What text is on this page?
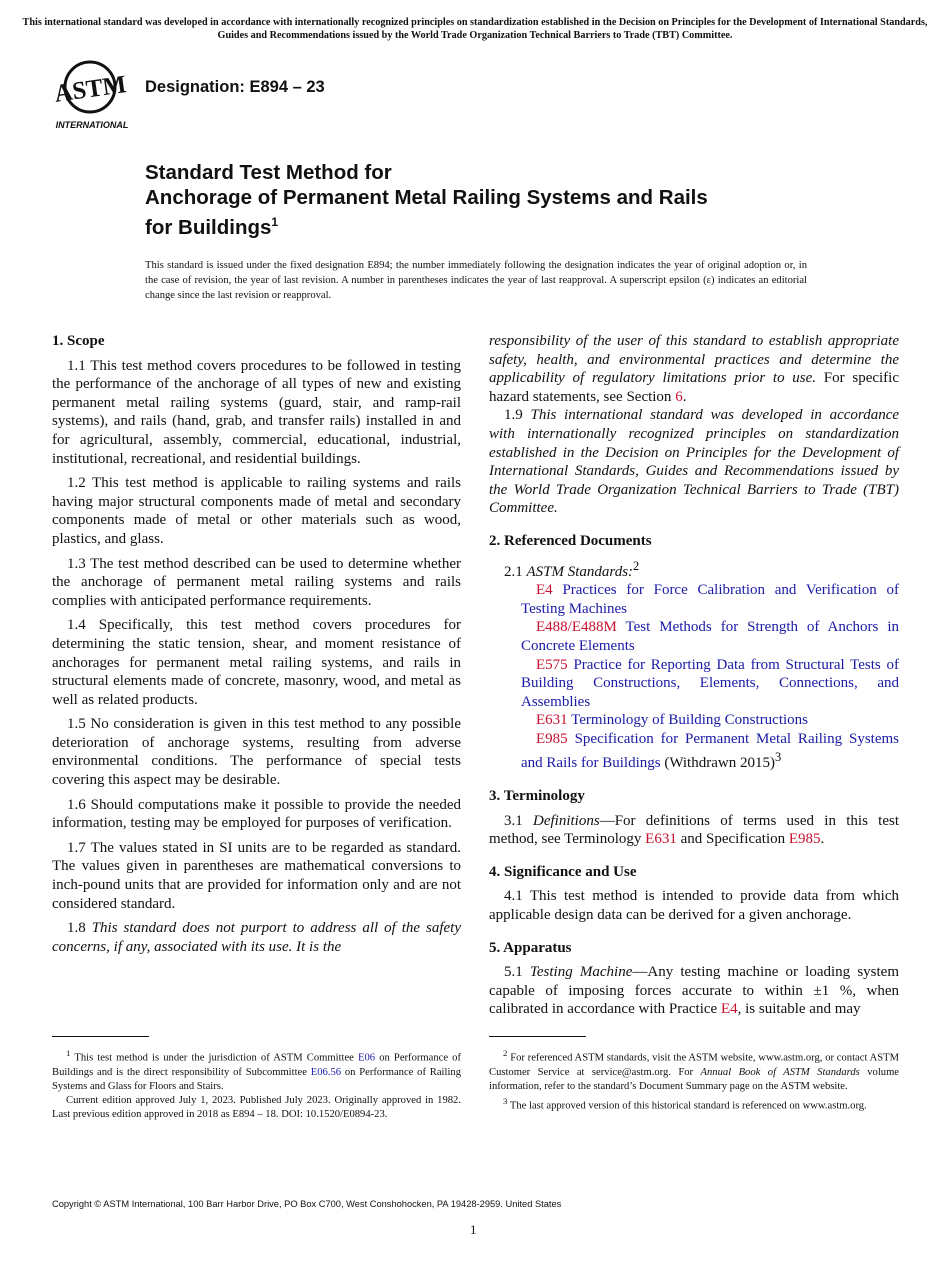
This international standard was developed in accordance with internationally recognized principles on standardization established in the Decision on Principles for the Development of International Standards, Guides and Recommendations issued by the World Trade Organization Technical Barriers to Trade (TBT) Committee.
ASTM
INTERNATIONAL
Designation: E894 – 23
Standard Test Method for
Anchorage of Permanent Metal Railing Systems and Rails
for Buildings$^1$
This standard is issued under the fixed designation E894; the number immediately following the designation indicates the year of original adoption or, in the case of revision, the year of last revision. A number in parentheses indicates the year of last reapproval. A superscript epsilon (ε) indicates an editorial change since the last revision or reapproval.
1. Scope

1.1 This test method covers procedures to be followed in testing the performance of the anchorage of all types of new and existing permanent metal railing systems (guard, stair, and ramp-rail systems), and rails (hand, grab, and transfer rails) installed in and for agricultural, assembly, commercial, educational, industrial, institutional, recreational, and residential buildings.

1.2 This test method is applicable to railing systems and rails having major structural components made of metal and secondary components made of metal or other materials such as wood, plastics, and glass.

1.3 The test method described can be used to determine whether the anchorage of permanent metal railing systems and rails complies with anticipated performance requirements.

1.4 Specifically, this test method covers procedures for determining the static tension, shear, and moment resistance of anchorages for permanent metal railing systems, and rails in structural elements made of concrete, masonry, wood, and metal as well as related products.

1.5 No consideration is given in this test method to any possible deterioration of anchorage systems, resulting from adverse environmental conditions. The performance of special tests covering this aspect may be desirable.

1.6 Should computations make it possible to provide the needed information, testing may be employed for purposes of verification.

1.7 The values stated in SI units are to be regarded as standard. The values given in parentheses are mathematical conversions to inch-pound units that are provided for information only and are not considered standard.

1.8 This standard does not purport to address all of the safety concerns, if any, associated with its use. It is the

responsibility of the user of this standard to establish appropriate safety, health, and environmental practices and determine the applicability of regulatory limitations prior to use. For specific hazard statements, see Section 6.

1.9 This international standard was developed in accordance with internationally recognized principles on standardization established in the Decision on Principles for the Development of International Standards, Guides and Recommendations issued by the World Trade Organization Technical Barriers to Trade (TBT) Committee.

2. Referenced Documents

2.1 ASTM Standards:$^2$

E4 Practices for Force Calibration and Verification of Testing Machines

E488/E488M Test Methods for Strength of Anchors in Concrete Elements

E575 Practice for Reporting Data from Structural Tests of Building Constructions, Elements, Connections, and Assemblies

E631 Terminology of Building Constructions

E985 Specification for Permanent Metal Railing Systems and Rails for Buildings (Withdrawn 2015)$^3$

3. Terminology

3.1 Definitions—For definitions of terms used in this test method, see Terminology E631 and Specification E985.

4. Significance and Use

4.1 This test method is intended to provide data from which applicable design data can be derived for a given anchorage.

5. Apparatus

5.1 Testing Machine—Any testing machine or loading system capable of imposing forces accurate to within ±1 %, when calibrated in accordance with Practice E4, is suitable and may

$^1$ This test method is under the jurisdiction of ASTM Committee E06 on Performance of Buildings and is the direct responsibility of Subcommittee E06.56 on Performance of Railing Systems and Glass for Floors and Stairs.

Current edition approved July 1, 2023. Published July 2023. Originally approved in 1982. Last previous edition approved in 2018 as E894 – 18. DOI: 10.1520/E0894-23.

$^2$ For referenced ASTM standards, visit the ASTM website, www.astm.org, or contact ASTM Customer Service at service@astm.org. For Annual Book of ASTM Standards volume information, refer to the standard’s Document Summary page on the ASTM website.

$^3$ The last approved version of this historical standard is referenced on www.astm.org.

Copyright © ASTM International, 100 Barr Harbor Drive, PO Box C700, West Conshohocken, PA 19428-2959. United States
1
